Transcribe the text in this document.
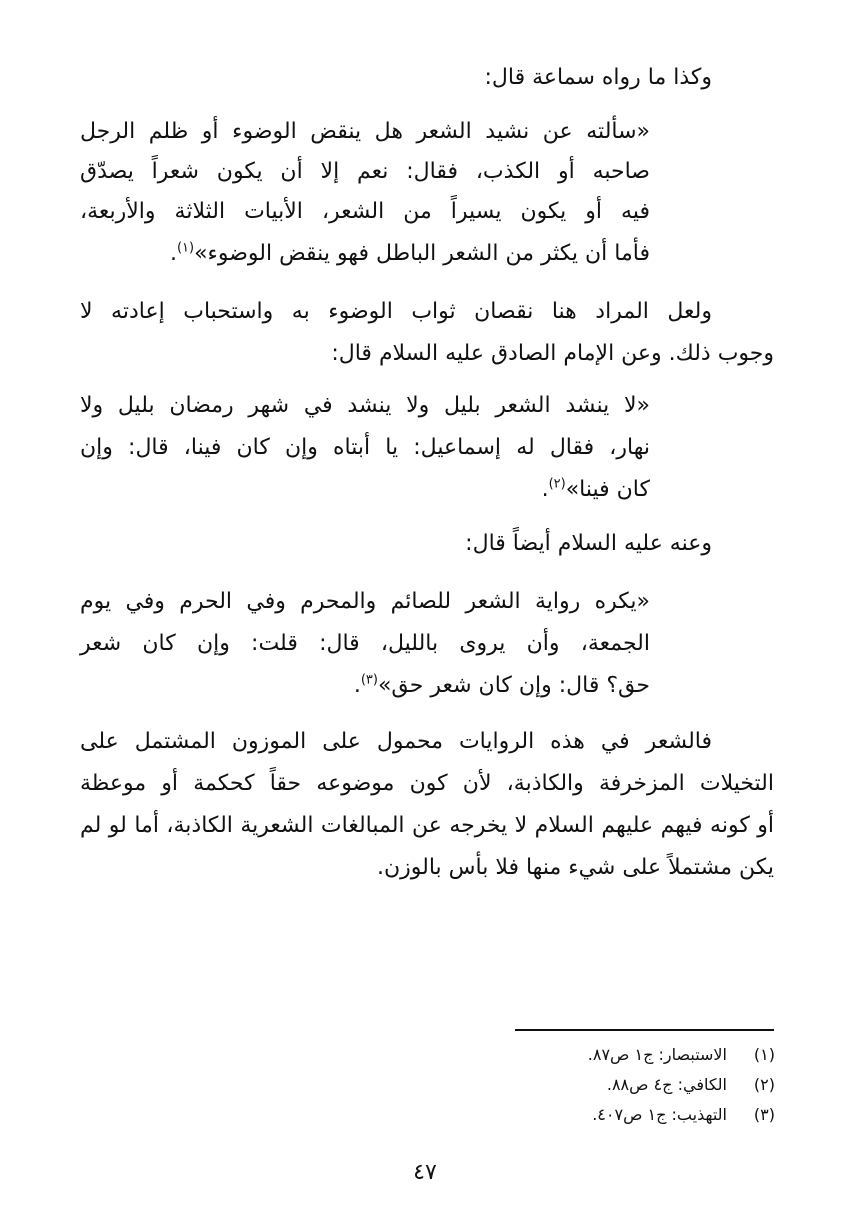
وكذا ما رواه سماعة قال:
«سألته عن نشيد الشعر هل ينقض الوضوء أو ظلم الرجل
صاحبه أو الكذب، فقال: نعم إلا أن يكون شعراً يصدّق
فيه أو يكون يسيراً من الشعر، الأبيات الثلاثة والأربعة،
فأما أن يكثر من الشعر الباطل فهو ينقض الوضوء»$^{(١)}$.
ولعل المراد هنا نقصان ثواب الوضوء به واستحباب إعادته لا
وجوب ذلك. وعن الإمام الصادق عليه السلام قال:
«لا ينشد الشعر بليل ولا ينشد في شهر رمضان بليل ولا
نهار، فقال له إسماعيل: يا أبتاه وإن كان فينا، قال: وإن
كان فينا»$^{(٢)}$.
وعنه عليه السلام أيضاً قال:
«يكره رواية الشعر للصائم والمحرم وفي الحرم وفي يوم
الجمعة، وأن يروى بالليل، قال: قلت: وإن كان شعر
حق؟ قال: وإن كان شعر حق»$^{(٣)}$.
فالشعر في هذه الروايات محمول على الموزون المشتمل على
التخيلات المزخرفة والكاذبة، لأن كون موضوعه حقاً كحكمة أو موعظة
أو كونه فيهم عليهم السلام لا يخرجه عن المبالغات الشعرية الكاذبة، أما لو لم
يكن مشتملاً على شيء منها فلا بأس بالوزن.
(١)الاستبصار: ج١ ص٨٧.
(٢)الكافي: ج٤ ص٨٨.
(٣)التهذيب: ج١ ص٤٠٧.
٤٧
